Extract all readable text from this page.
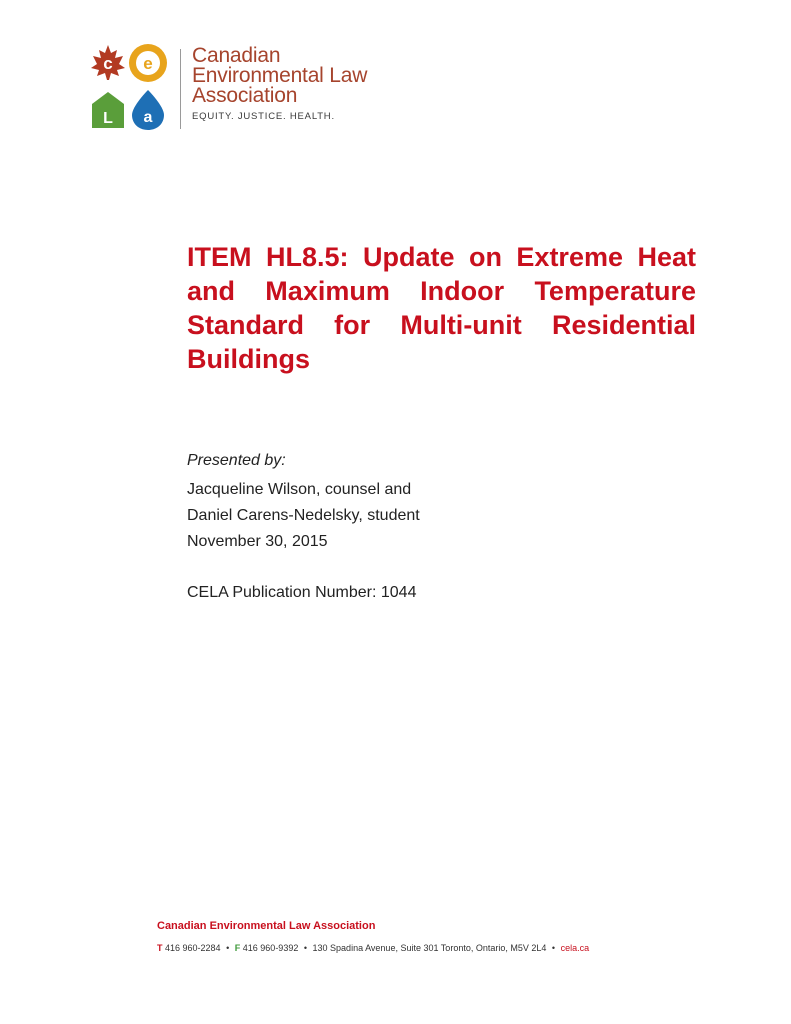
c e
L a
Canadian
Environmental Law
Association
EQUITY. JUSTICE. HEALTH.
ITEM HL8.5: Update on Extreme Heat and Maximum Indoor Temperature Standard for Multi-unit Residential Buildings
Presented by:
Jacqueline Wilson, counsel and
Daniel Carens-Nedelsky, student
November 30, 2015
CELA Publication Number: 1044
Canadian Environmental Law Association
T 416 960-2284 • F 416 960-9392 • 130 Spadina Avenue, Suite 301 Toronto, Ontario, M5V 2L4 • cela.ca
